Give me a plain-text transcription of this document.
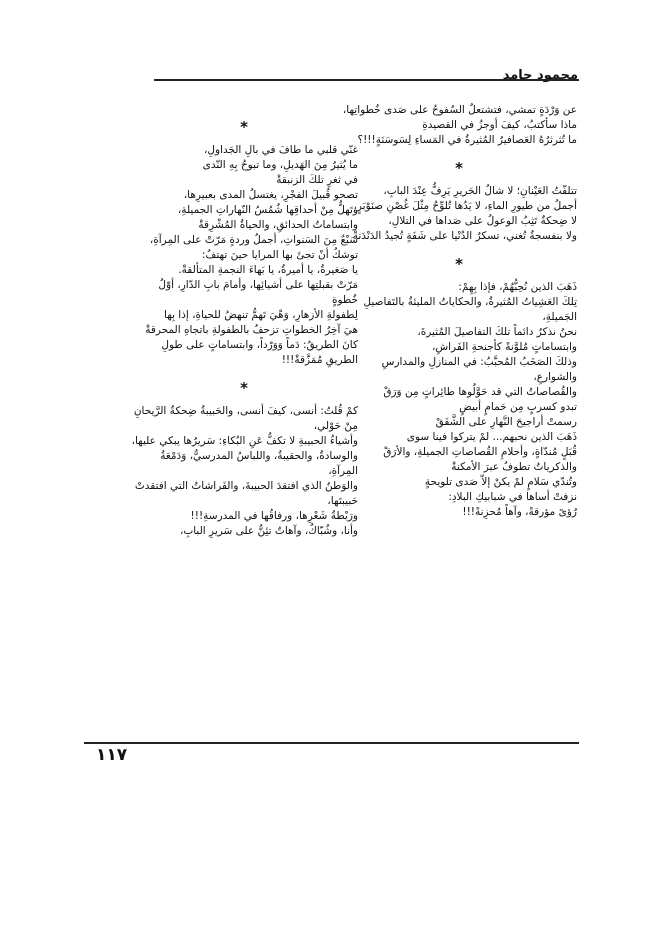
محمود حامد

عن وَرْدَةٍ تمشي، فتشتعلُ السُفوحُ على صَدى خُطواتِها،

ماذا سأكتبُ، كيفَ أوجزُ في القصيدةِ

ما تُثرثرُهُ العَصافيرُ المُثيرةُ في المَساءِ لِسَوسَنَةٍ!!!؟

*

تتلفّتُ العَيْنانِ؛ لا شالُ الحَريرِ يَرِفُّ عِنْدَ البابِ،

أجملُ من طيورِ الماءِ، لا يَدُها تُلوِّحُ مِثْلَ غُصْنِ صنَوْبَرٍ،

لا ضِحكةٌ تَثِبُ الوعولُ على صَداها في التلالِ،

ولا بنفسجةٌ تُغني، تسكرُ الدُنْيا على شَفَةٍ تُجيدُ الدَنْدَنةْ

*

ذَهَبَ الذين نُحِبُّهُمْ، فإذا بِهِمْ:

تِلكَ العَشِياتُ المُثيرةُ، والحكاياتُ المليئةُ بالتَفاصيلِ الجَميلةِ،

نحنُ نذكرُ دائماً تلكَ التفاصيلَ المُثيرةَ،

وابتساماتٍ مُلوَّنةً كأجنحةِ الفَراشِ،

وذلكَ الصَخَبُ المُحبَّبُ: في المنازلِ والمدارسِ والشوارعِ،

والقُصاصاتُ التي قد حَوَّلُوها طائِراتٍ مِن وَرَقْ

تبدو كسربٍ مِن حَمامٍ أبيضٍ

رسمتْ أراجيحَ النَّهارِ على الشَّفَقْ

ذَهَبَ الذين نحبهم... لمْ يتركوا فينا سوى

قُبَلٍ مُندّاةٍ، وأحلامِ القُصاصاتِ الجميلةِ، والأرَقْ

والذكرياتُ تطوفُ عبرَ الأمكنةْ

وتُندّي سَلامٍ لمْ يكنْ إلاّ صَدى تلويحةٍ

نزفتْ أساها في شبابيكِ البلادِ:

رُؤىً مؤرقةً، وآهاً مُحزِنةً!!!

*

غنّي قلبي ما طافَ في بالِ الجَداولِ،

ما يُثيرُ مِنَ الهَديلِ، وما تبوحُ بِهِ النّدى

في ثغرِ تلكَ الزنبقةْ

تصحو قُبيلَ الفجْرِ، يغتسلُ المدى بعبيرِها،

وتَهلُّ مِنْ أحداقِها شُمُسُ النّهاراتِ الجميلةِ،

وابتساماتُ الحدائقِ، والحياةُ المُشْرِقةْ

سَبْعٌ مِنَ السَنواتِ، أجملُ وردةٍ مَرّتْ على المِرآةِ،

توشكُ أنْ تجئَ بها المرايا حينَ تهتفُ:

يا صَغيرةُ، يا أميرةُ، يا بَهاءَ النجمةِ المتألقةْ.

مَرّتْ بقبلتِها على أشيائِها، وأمامَ بابِ الدّارِ، أوّلُ خُطوةٍ

لِطفولةِ الأزهارِ، وَهْيَ تَهمُّ تنهضُ للحياةِ، إذا بِها

هيَ آخِرُ الخطواتِ تزحفُ بالطفولةِ باتجاهِ المحرقةْ

كانَ الطريقُ: دَماً وَوَرْداً، وابتساماتٍ على طولِ الطريقِ مُمَزَّقةْ!!!

*

كمْ قُلتُ: أنسى، كيفَ أنسى، والحَبيبةُ ضِحكةُ الرَّيحانِ مِنْ حَوْلي،

وأشياءُ الحبيبةِ لا تكفُّ عَنِ البُكاءِ: سَريرُها يبكي عليها،

والوسادةُ، والحقيبةُ، واللباسُ المدرسيُّ، وَدَمْعَةُ المِرآةِ،

والوَطنُ الذي افتقدَ الحبيبةَ، والفَراشاتُ التي افتقدتْ حَبيبتَها،

ورَبْطةُ شَعْرِها، ورفاقُها في المدرسةِ!!!

وأنا، وشُبّاكٌ، وآهاتٌ تئِنُّ على سَريرِ البابِ،

١١٧
